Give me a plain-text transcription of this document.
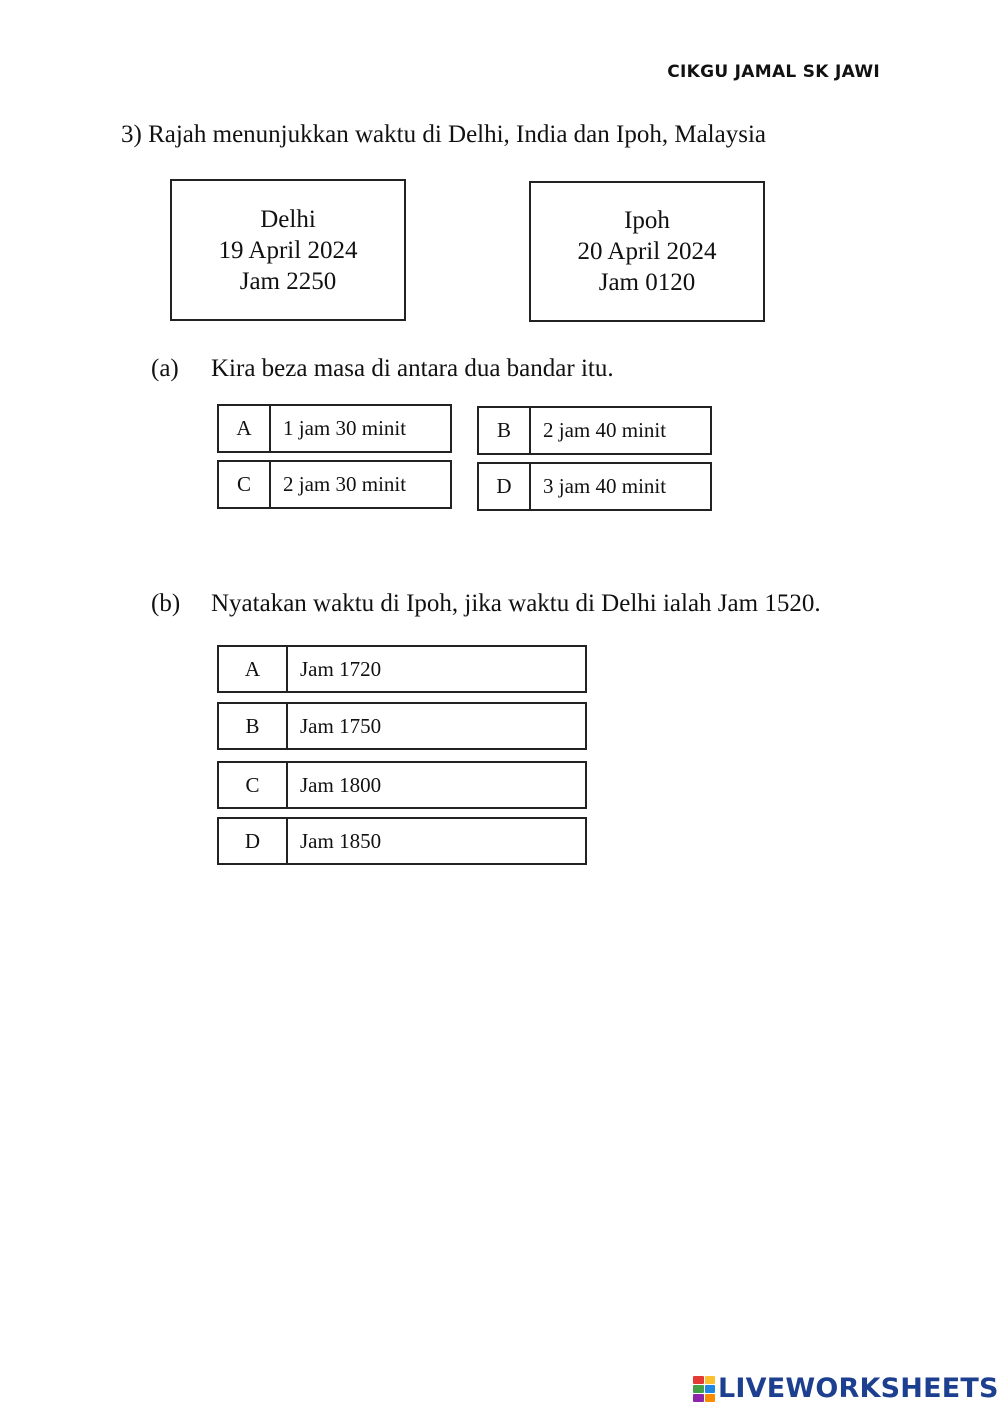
CIKGU JAMAL SK JAWI
3) Rajah menunjukkan waktu di Delhi, India dan Ipoh, Malaysia
Delhi
19 April 2024
Jam 2250
Ipoh
20 April 2024
Jam 0120
(a) Kira beza masa di antara dua bandar itu.
A	1 jam 30 minit	B	2 jam 40 minit
C	2 jam 30 minit	D	3 jam 40 minit
(b) Nyatakan waktu di Ipoh, jika waktu di Delhi ialah Jam 1520.
A	Jam 1720
B	Jam 1750
C	Jam 1800
D	Jam 1850
LIVEWORKSHEETS
